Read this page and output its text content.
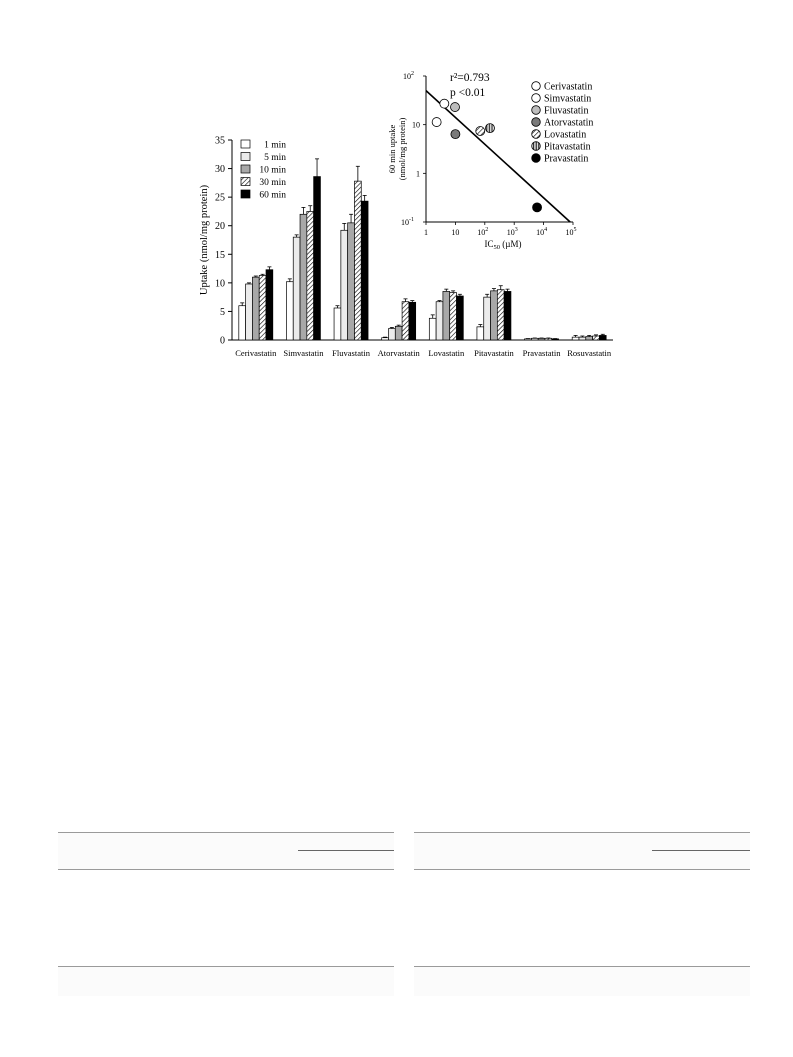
Uptake (nmol/mg protein)
0
5
10
15
20
25
30
35
Cerivastatin Simvastatin Fluvastatin Atorvastatin Lovastatin Pitavastatin Pravastatin Rosuvastatin
1 min
5 min
10 min
30 min
60 min
60 min uptake (nmol/mg protein)
r²=0.793
p <0.01
$IC_{50}$ (µM)
1	10 $10^2$ $10^3$ $10^4$ $10^5$
$10^{-1}$
1
10
$10^2$
Cerivastatin
Simvastatin
Fluvastatin
Atorvastatin
Lovastatin
Pitavastatin
Pravastatin
